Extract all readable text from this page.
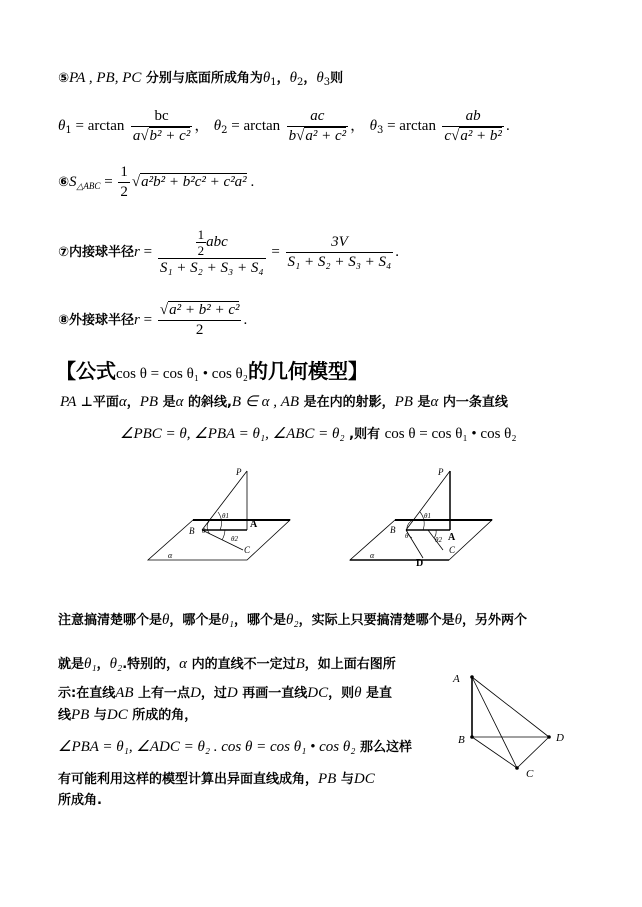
⑤PA , PB, PC 分别与底面所成角为$\theta_1$，$\theta_2$，$\theta_3$则
$\theta_1 = \arctan \frac{bc}{\text{a√b² + c²}}$ ， $\theta_2 = \arctan \frac{ac}{\text{b√a² + c²}}$ ， $\theta_3 = \arctan \frac{ab}{\text{c√a² + b²}}$ .
$⑥S_{\triangle ABC} = \frac{1}{2} √a^2b^2 + b^2c^2 + c^2a^2$ .
⑦内接球半径$r = \frac{\frac{1}{2} abc}{\text{S₁ + S₂ + S₃ + S₄}} = \frac{3V}{\text{S₁ + S₂ + S₃ + S₄}}$ .
⑧外接球半径$r = \frac{\text{√a² + b² + c²}}{2}$ .
【公式cos θ = cos θ₁ • cos θ₂的几何模型】
PA ⊥平面α，PB 是α 的斜线,B ∈ α , AB 是在内的射影，PB 是α 内一条直线
∠PBC = θ, ∠PBA = θ₁, ∠ABC = θ₂ ,则有 cos θ = cos θ₁ • cos θ₂
P
A
B
C
α
θ
θ1
θ2
P
A
B
C
D
α
θ
θ1
θ2
注意搞清楚哪个是θ，哪个是θ₁，哪个是θ₂，实际上只要搞清楚哪个是θ，另外两个
就是θ₁，θ₂.特别的，α 内的直线不一定过B，如上面右图所
示:在直线AB 上有一点D，过D 再画一直线DC，则θ 是直
线PB 与DC 所成的角，
∠PBA = θ₁, ∠ADC = θ₂ . cos θ = cos θ₁ • cos θ₂ 那么这样
有可能利用这样的模型计算出异面直线成角，PB 与DC
所成角.
A
B
C
D
